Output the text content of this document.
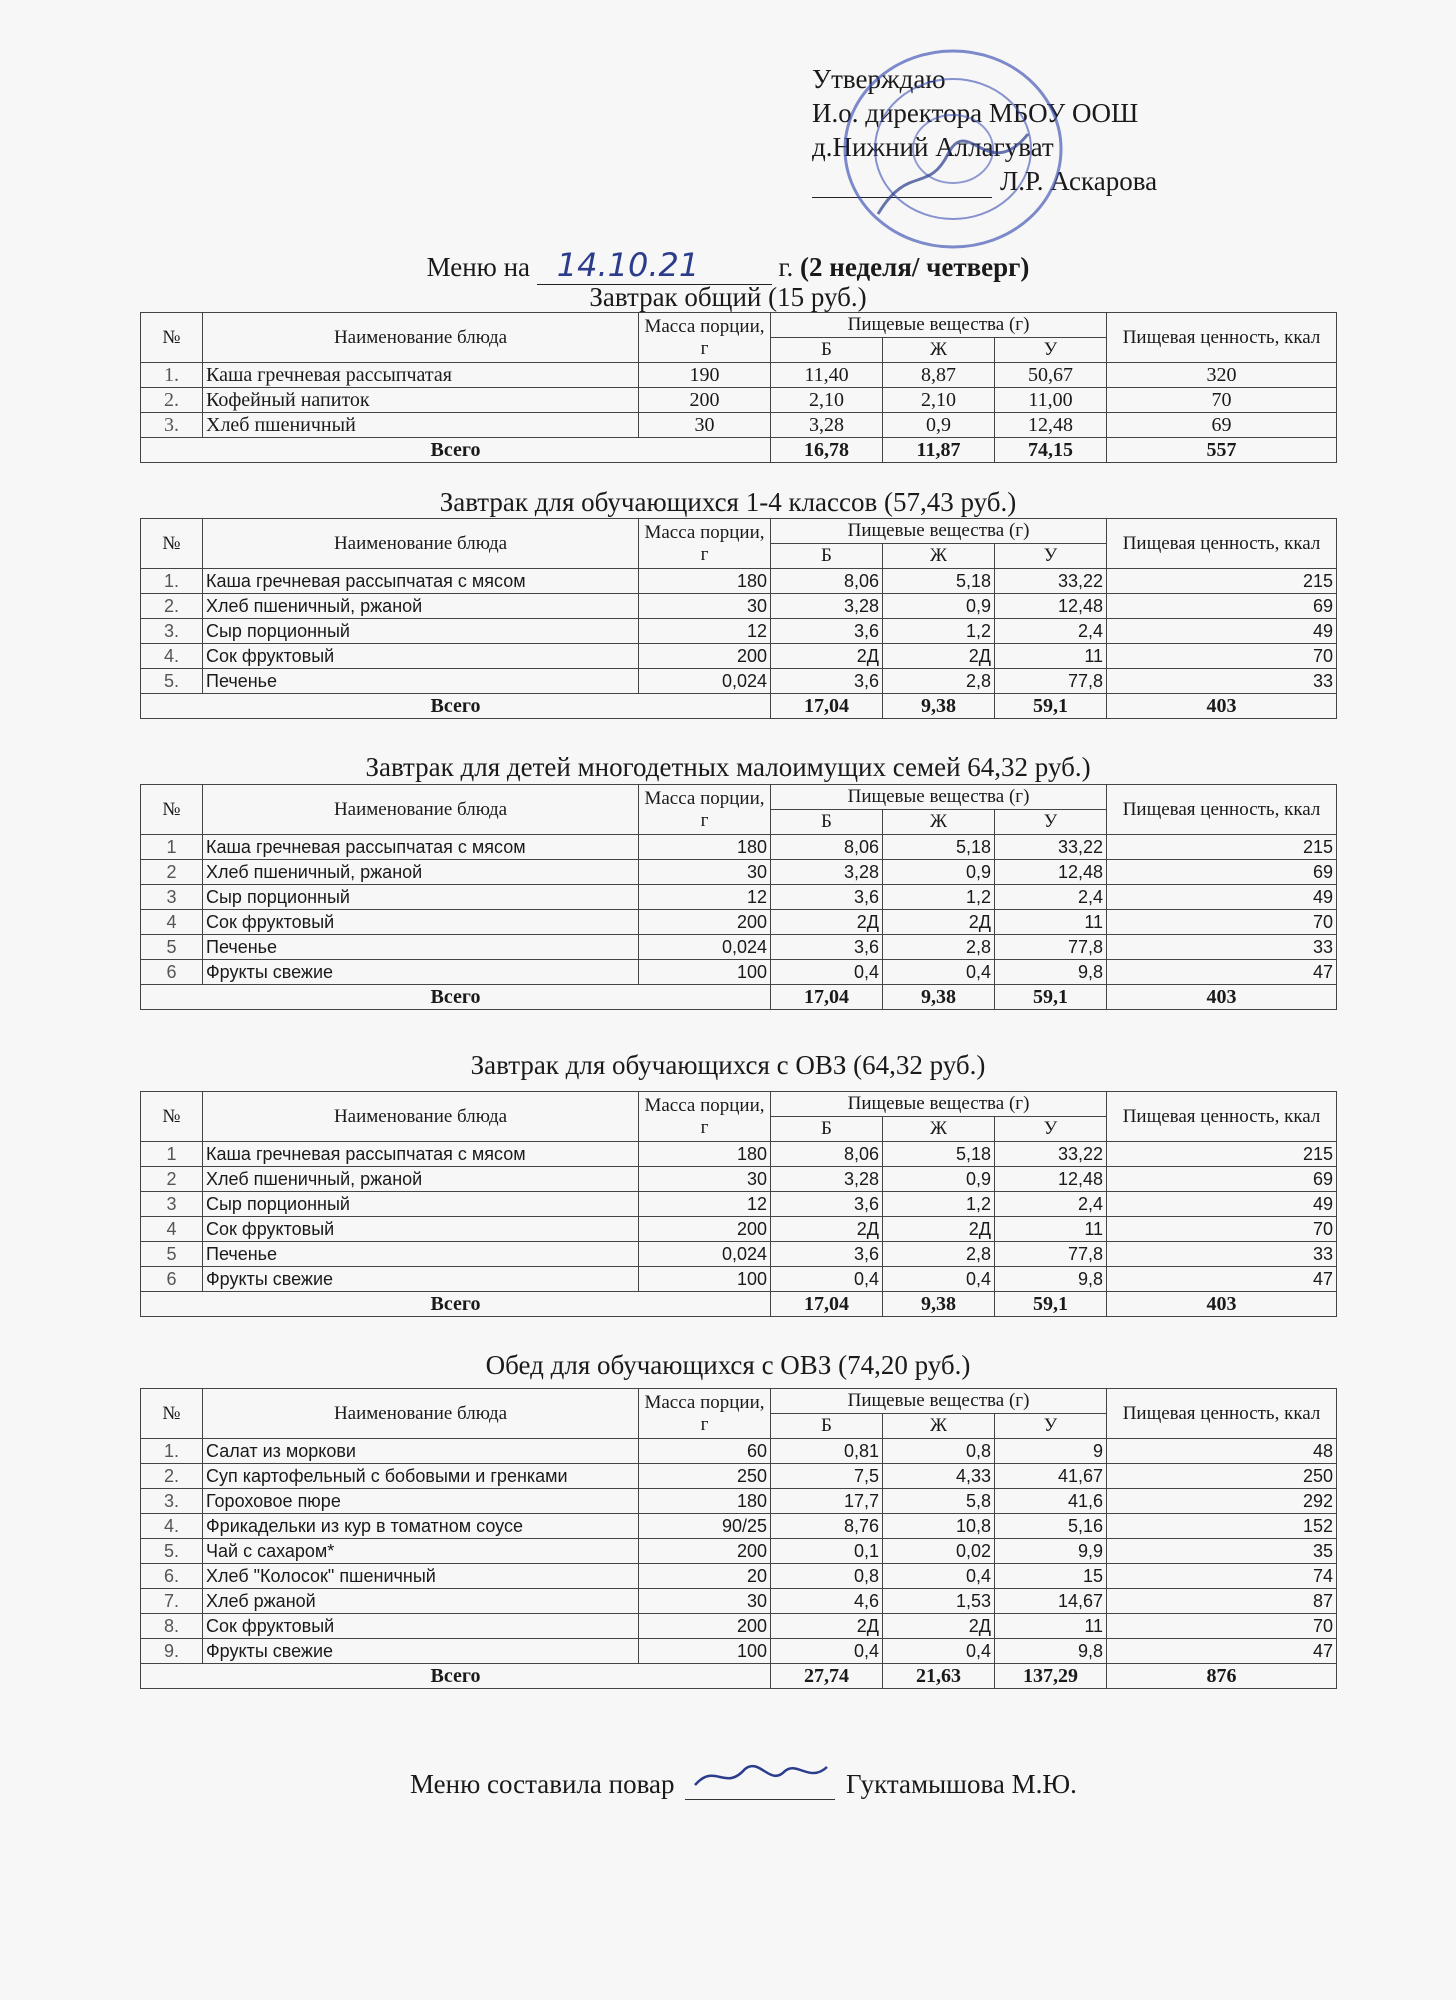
Утверждаю
И.о. директора МБОУ ООШ
д.Нижний Аллагуват
Л.Р. Аскарова
Меню на 14.10.21	г. (2 неделя/ четверг)
Завтрак общий (15 руб.)
№	Наименование блюда	Масса порции, г	Пищевые вещества (г)			Пищевая ценность, ккал
			Б	Ж	У	
1.	Каша гречневая рассыпчатая	190	11,40	8,87	50,67	320
2.	Кофейный напиток	200	2,10	2,10	11,00	70
3.	Хлеб пшеничный	30	3,28	0,9	12,48	69
Всего			16,78	11,87	74,15	557
Завтрак для обучающихся 1-4 классов (57,43 руб.)
№	Наименование блюда	Масса порции, г	Пищевые вещества (г)			Пищевая ценность, ккал
			Б	Ж	У	
1.	Каша гречневая рассыпчатая с мясом	180	8,06	5,18	33,22	215
2.	Хлеб пшеничный, ржаной	30	3,28	0,9	12,48	69
3.	Сыр порционный	12	3,6	1,2	2,4	49
4.	Сок фруктовый	200	2Д	2Д	11	70
5.	Печенье	0,024	3,6	2,8	77,8	33
Всего			17,04	9,38	59,1	403
Завтрак для детей многодетных малоимущих семей 64,32 руб.)
№	Наименование блюда	Масса порции, г	Пищевые вещества (г)			Пищевая ценность, ккал
			Б	Ж	У	
1	Каша гречневая рассыпчатая с мясом	180	8,06	5,18	33,22	215
2	Хлеб пшеничный, ржаной	30	3,28	0,9	12,48	69
3	Сыр порционный	12	3,6	1,2	2,4	49
4	Сок фруктовый	200	2Д	2Д	11	70
5	Печенье	0,024	3,6	2,8	77,8	33
6	Фрукты свежие	100	0,4	0,4	9,8	47
Всего			17,04	9,38	59,1	403
Завтрак для обучающихся с ОВЗ (64,32 руб.)
№	Наименование блюда	Масса порции, г	Пищевые вещества (г)			Пищевая ценность, ккал
			Б	Ж	У	
1	Каша гречневая рассыпчатая с мясом	180	8,06	5,18	33,22	215
2	Хлеб пшеничный, ржаной	30	3,28	0,9	12,48	69
3	Сыр порционный	12	3,6	1,2	2,4	49
4	Сок фруктовый	200	2Д	2Д	11	70
5	Печенье	0,024	3,6	2,8	77,8	33
6	Фрукты свежие	100	0,4	0,4	9,8	47
Всего			17,04	9,38	59,1	403
Обед для обучающихся с ОВЗ (74,20 руб.)
№	Наименование блюда	Масса порции, г	Пищевые вещества (г)			Пищевая ценность, ккал
			Б	Ж	У	
1.	Салат из моркови	60	0,81	0,8	9	48
2.	Суп картофельный с бобовыми и гренками	250	7,5	4,33	41,67	250
3.	Гороховое пюре	180	17,7	5,8	41,6	292
4.	Фрикадельки из кур в томатном соусе	90/25	8,76	10,8	5,16	152
5.	Чай с сахаром*	200	0,1	0,02	9,9	35
6.	Хлеб "Колосок" пшеничный	20	0,8	0,4	15	74
7.	Хлеб ржаной	30	4,6	1,53	14,67	87
8.	Сок фруктовый	200	2Д	2Д	11	70
9.	Фрукты свежие	100	0,4	0,4	9,8	47
Всего			27,74	21,63	137,29	876
Меню составила повар	Гуктамышова М.Ю.
